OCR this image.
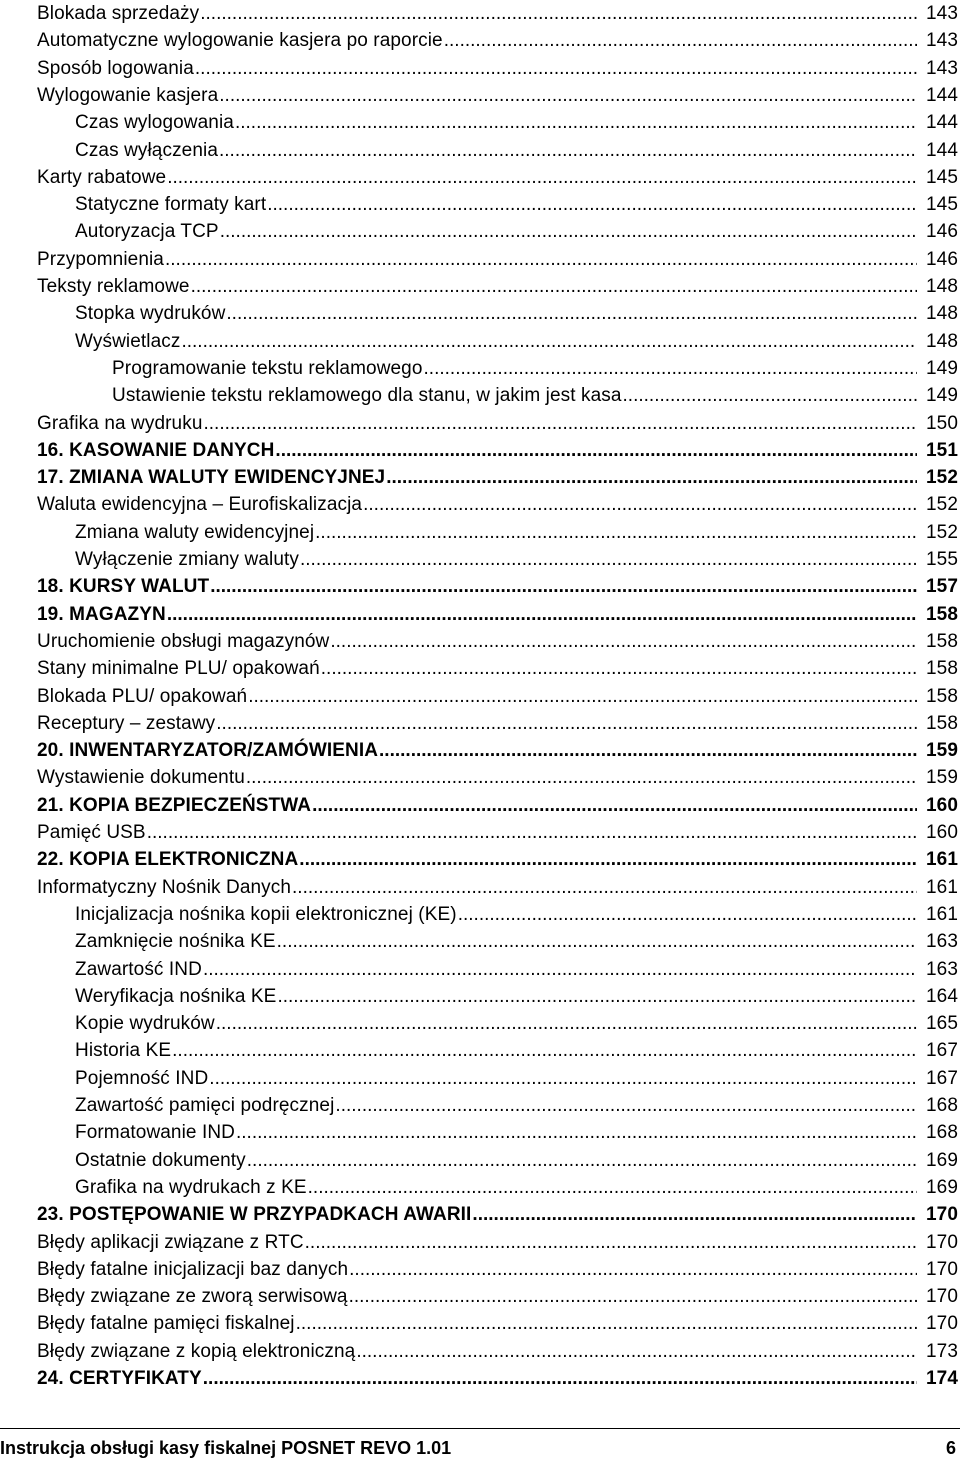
Blokada sprzedaży .....	143
Automatyczne wylogowanie kasjera po raporcie .....	143
Sposób logowania .....	143
Wylogowanie kasjera .....	144
Czas wylogowania .....	144
Czas wyłączenia .....	144
Karty rabatowe .....	145
Statyczne formaty kart .....	145
Autoryzacja TCP .....	146
Przypomnienia .....	146
Teksty reklamowe .....	148
Stopka wydruków .....	148
Wyświetlacz .....	148
Programowanie tekstu reklamowego .....	149
Ustawienie tekstu reklamowego dla stanu, w jakim jest kasa .....	149
Grafika na wydruku .....	150
16. KASOWANIE DANYCH .....	151
17. ZMIANA WALUTY EWIDENCYJNEJ .....	152
Waluta ewidencyjna – Eurofiskalizacja .....	152
Zmiana waluty ewidencyjnej .....	152
Wyłączenie zmiany waluty .....	155
18. KURSY WALUT .....	157
19. MAGAZYN .....	158
Uruchomienie obsługi magazynów .....	158
Stany minimalne PLU/ opakowań .....	158
Blokada PLU/ opakowań .....	158
Receptury – zestawy .....	158
20. INWENTARYZATOR/ZAMÓWIENIA .....	159
Wystawienie dokumentu .....	159
21. KOPIA BEZPIECZEŃSTWA .....	160
Pamięć USB .....	160
22. KOPIA ELEKTRONICZNA .....	161
Informatyczny Nośnik Danych .....	161
Inicjalizacja nośnika kopii elektronicznej (KE) .....	161
Zamknięcie nośnika KE .....	163
Zawartość IND .....	163
Weryfikacja nośnika KE .....	164
Kopie wydruków .....	165
Historia KE .....	167
Pojemność IND .....	167
Zawartość pamięci podręcznej .....	168
Formatowanie IND .....	168
Ostatnie dokumenty .....	169
Grafika na wydrukach z KE .....	169
23. POSTĘPOWANIE W PRZYPADKACH AWARII .....	170
Błędy aplikacji związane z RTC .....	170
Błędy fatalne inicjalizacji baz danych .....	170
Błędy związane ze zworą serwisową .....	170
Błędy fatalne pamięci fiskalnej .....	170
Błędy związane z kopią elektroniczną .....	173
24. CERTYFIKATY .....	174
Instrukcja obsługi kasy fiskalnej POSNET REVO 1.01	6
